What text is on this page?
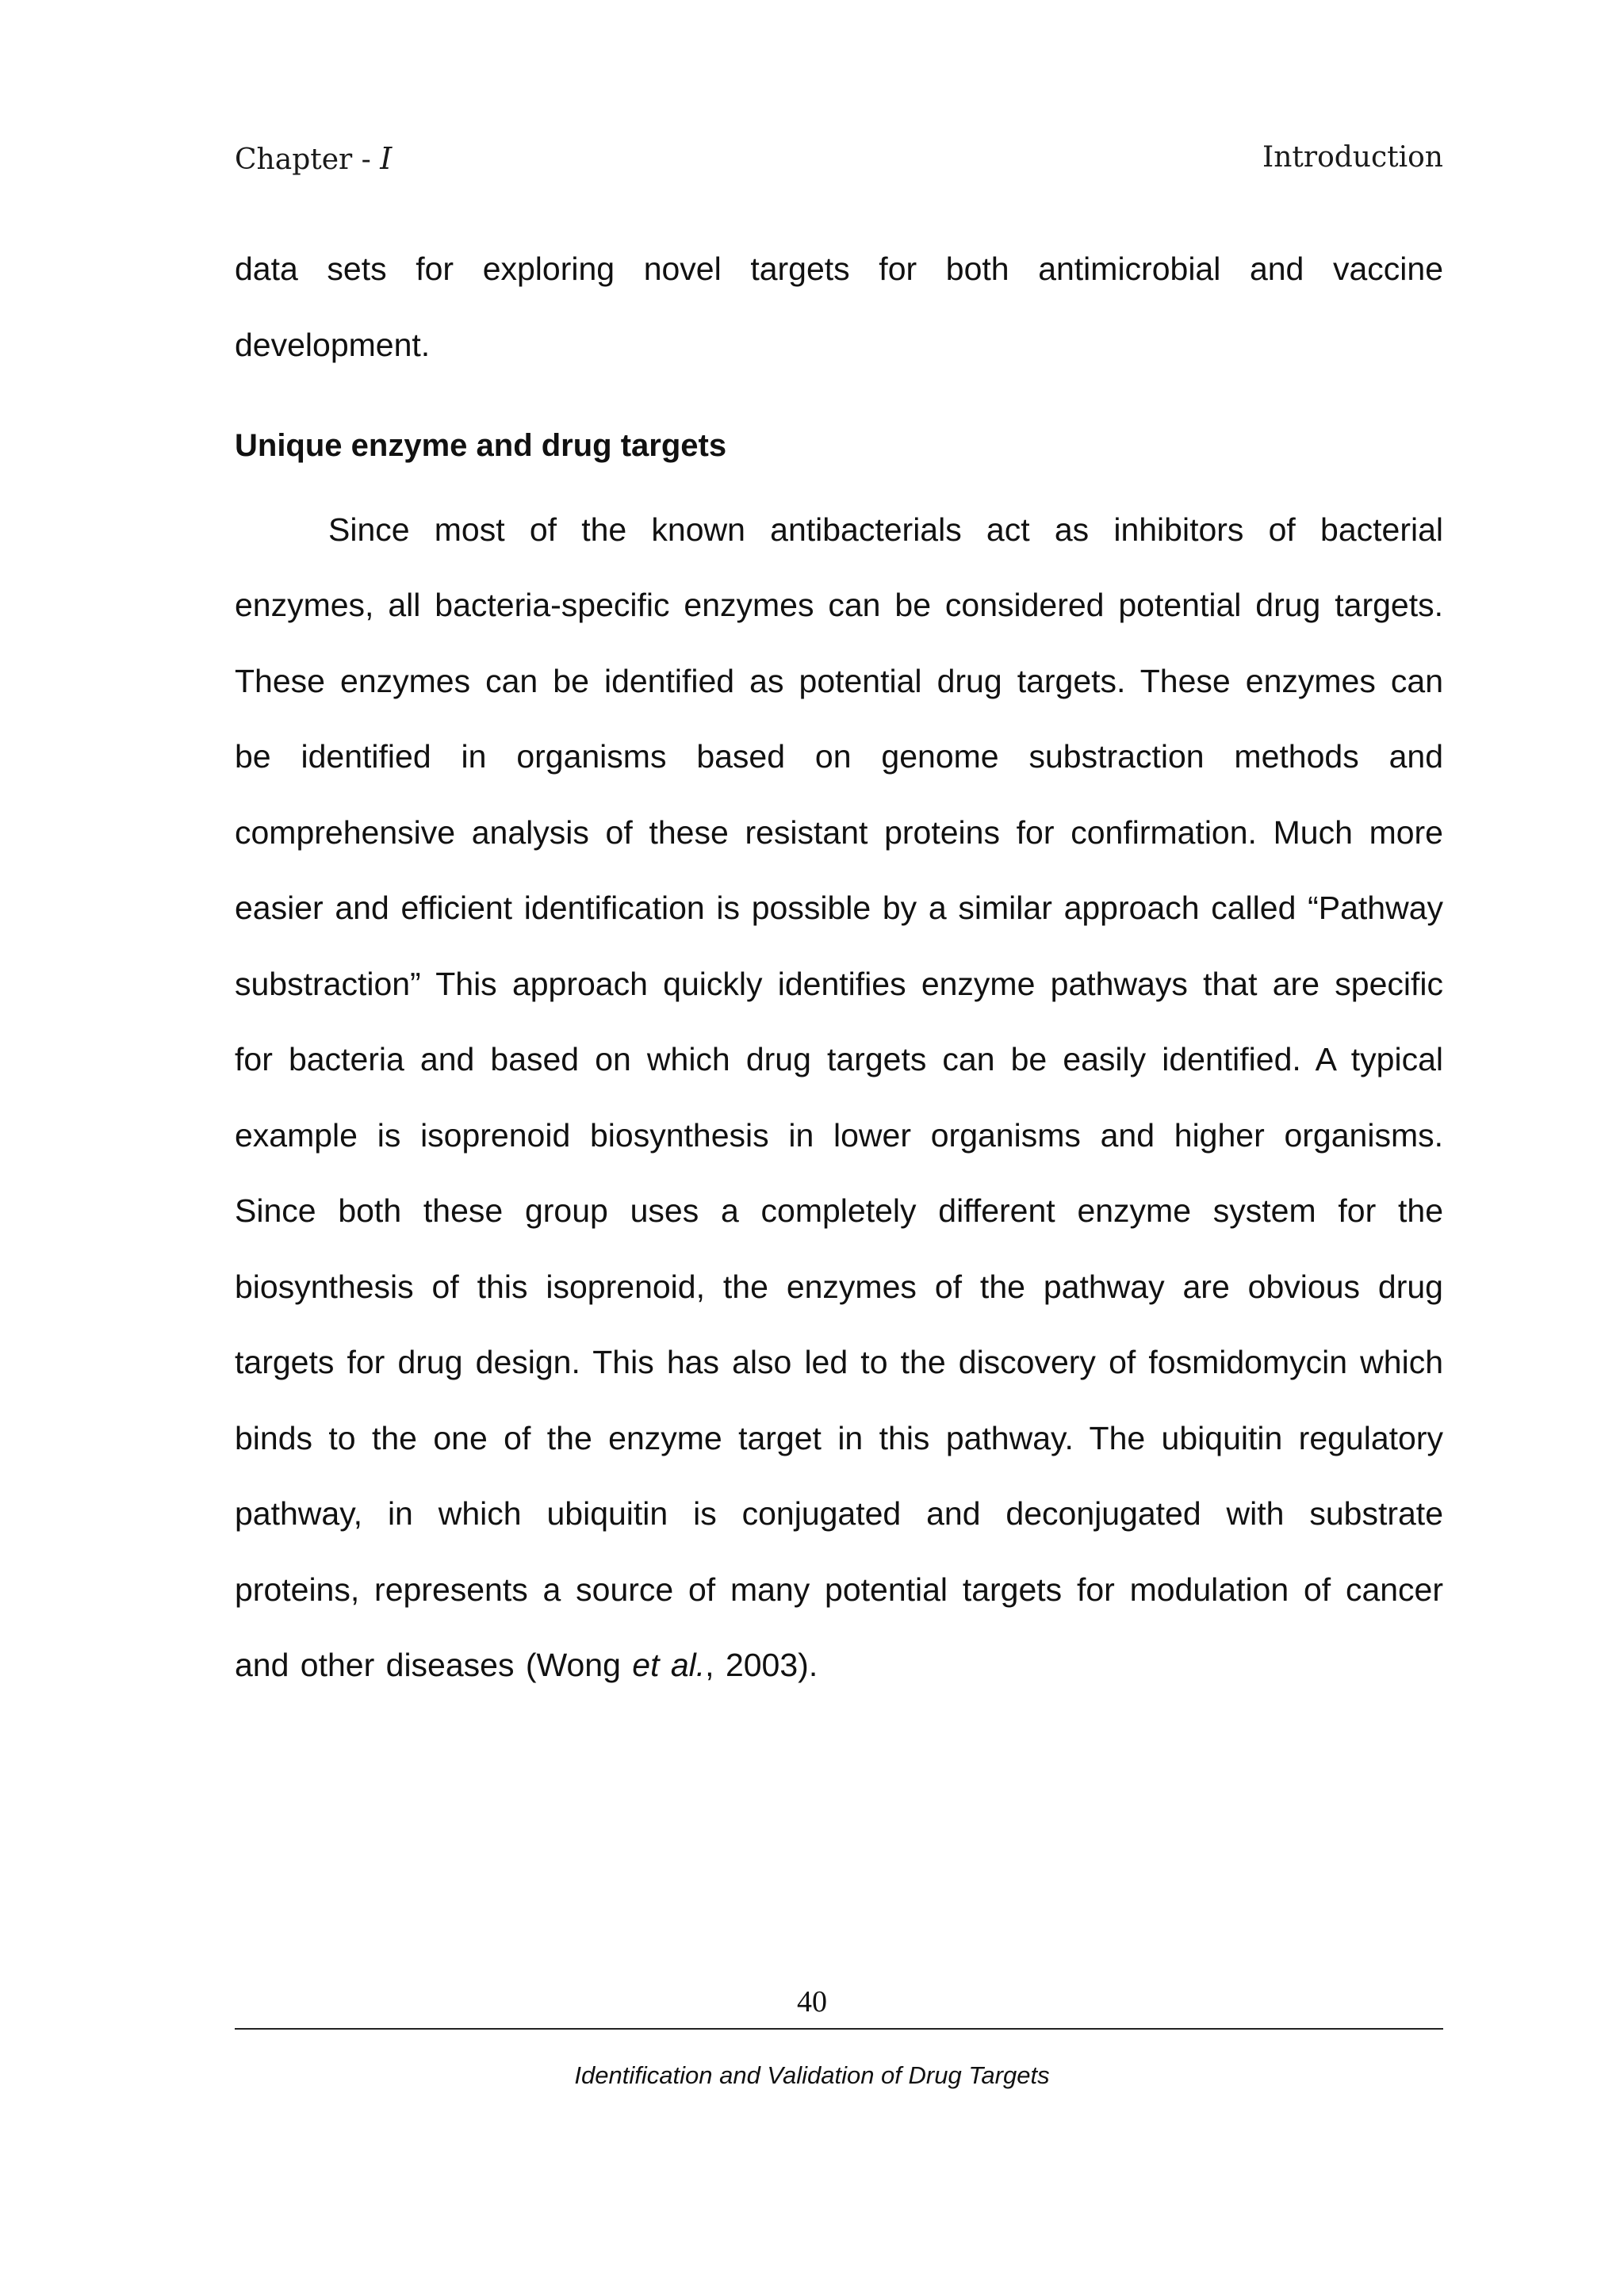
Chapter - I	Introduction

data sets for exploring novel targets for both antimicrobial and vaccine development.

Unique enzyme and drug targets

Since most of the known antibacterials act as inhibitors of bacterial enzymes, all bacteria-specific enzymes can be considered potential drug targets. These enzymes can be identified as potential drug targets. These enzymes can be identified in organisms based on genome substraction methods and comprehensive analysis of these resistant proteins for confirmation. Much more easier and efficient identification is possible by a similar approach called “Pathway substraction” This approach quickly identifies enzyme pathways that are specific for bacteria and based on which drug targets can be easily identified. A typical example is isoprenoid biosynthesis in lower organisms and higher organisms. Since both these group uses a completely different enzyme system for the biosynthesis of this isoprenoid, the enzymes of the pathway are obvious drug targets for drug design. This has also led to the discovery of fosmidomycin which binds to the one of the enzyme target in this pathway. The ubiquitin regulatory pathway, in which ubiquitin is conjugated and deconjugated with substrate proteins, represents a source of many potential targets for modulation of cancer and other diseases (Wong et al., 2003).

40
Identification and Validation of Drug Targets
